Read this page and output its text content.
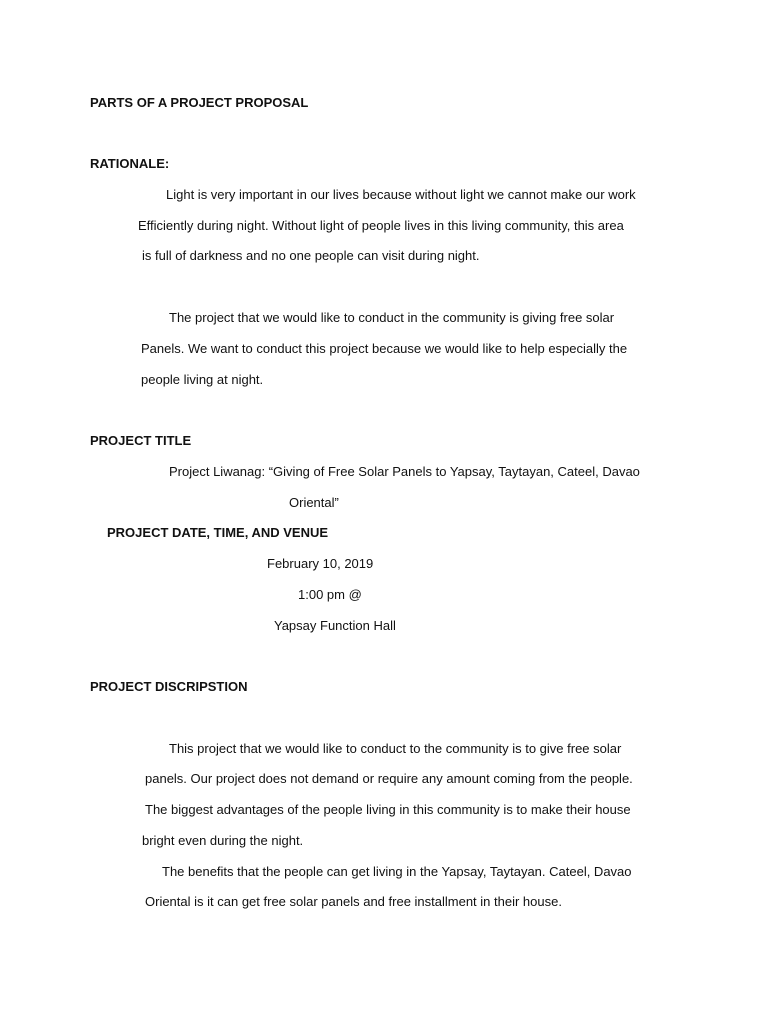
PARTS OF A PROJECT PROPOSAL
RATIONALE:
Light is very important in our lives because without light we cannot make our work
Efficiently during night. Without light of people lives in this living community, this area
is full of darkness and no one people can visit during night.
The project that we would like to conduct in the community is giving free solar
Panels. We want to conduct this project because we would like to help especially the
people living at night.
PROJECT TITLE
Project Liwanag: “Giving of Free Solar Panels to Yapsay, Taytayan, Cateel, Davao
Oriental”
PROJECT DATE, TIME, AND VENUE
February 10, 2019
1:00 pm @
Yapsay Function Hall
PROJECT DISCRIPSTION
This project that we would like to conduct to the community is to give free solar
panels. Our project does not demand or require any amount coming from the people.
The biggest advantages of the people living in this community is to make their house
bright even during the night.
The benefits that the people can get living in the Yapsay, Taytayan. Cateel, Davao
Oriental is it can get free solar panels and free installment in their house.
